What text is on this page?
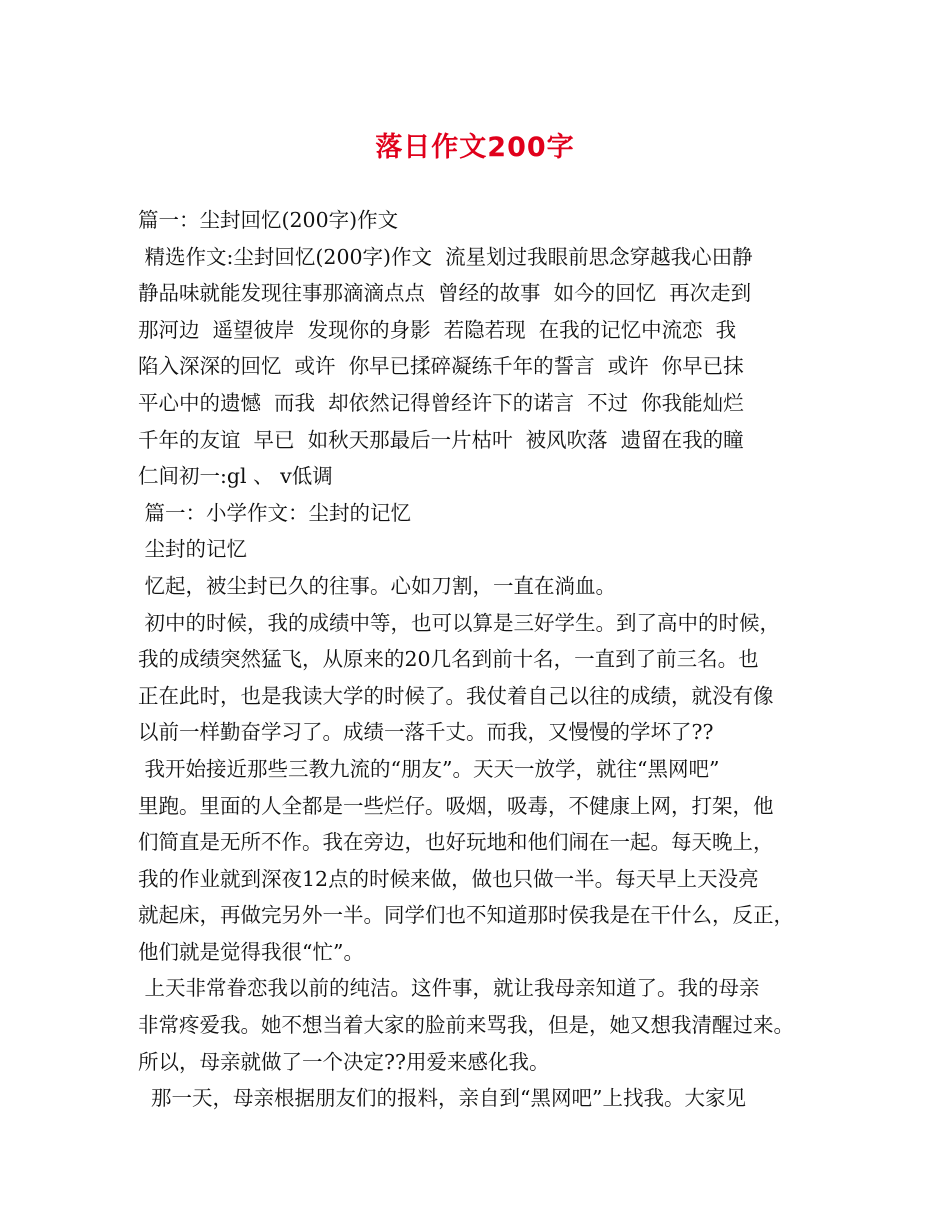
落日作文200字
篇一：尘封回忆(200字)作文
精选作文:尘封回忆(200字)作文  流星划过我眼前思念穿越我心田静
静品味就能发现往事那滴滴点点  曾经的故事  如今的回忆  再次走到
那河边  遥望彼岸  发现你的身影  若隐若现  在我的记忆中流恋  我
陷入深深的回忆  或许  你早已揉碎凝练千年的誓言  或许  你早已抹
平心中的遗憾  而我  却依然记得曾经许下的诺言  不过  你我能灿烂
千年的友谊  早已  如秋天那最后一片枯叶  被风吹落  遗留在我的瞳
仁间初一:gl 、 v低调
篇一：小学作文：尘封的记忆
尘封的记忆
忆起，被尘封已久的往事。心如刀割，一直在淌血。
初中的时候，我的成绩中等，也可以算是三好学生。到了高中的时候，
我的成绩突然猛飞，从原来的20几名到前十名，一直到了前三名。也
正在此时，也是我读大学的时候了。我仗着自己以往的成绩，就没有像
以前一样勤奋学习了。成绩一落千丈。而我，又慢慢的学坏了??
我开始接近那些三教九流的“朋友”。天天一放学，就往“黑网吧”
里跑。里面的人全都是一些烂仔。吸烟，吸毒，不健康上网，打架，他
们简直是无所不作。我在旁边，也好玩地和他们闹在一起。每天晚上，
我的作业就到深夜12点的时候来做，做也只做一半。每天早上天没亮
就起床，再做完另外一半。同学们也不知道那时侯我是在干什么，反正，
他们就是觉得我很“忙”。
上天非常眷恋我以前的纯洁。这件事，就让我母亲知道了。我的母亲
非常疼爱我。她不想当着大家的脸前来骂我，但是，她又想我清醒过来。
所以，母亲就做了一个决定??用爱来感化我。
那一天，母亲根据朋友们的报料，亲自到“黑网吧”上找我。大家见
